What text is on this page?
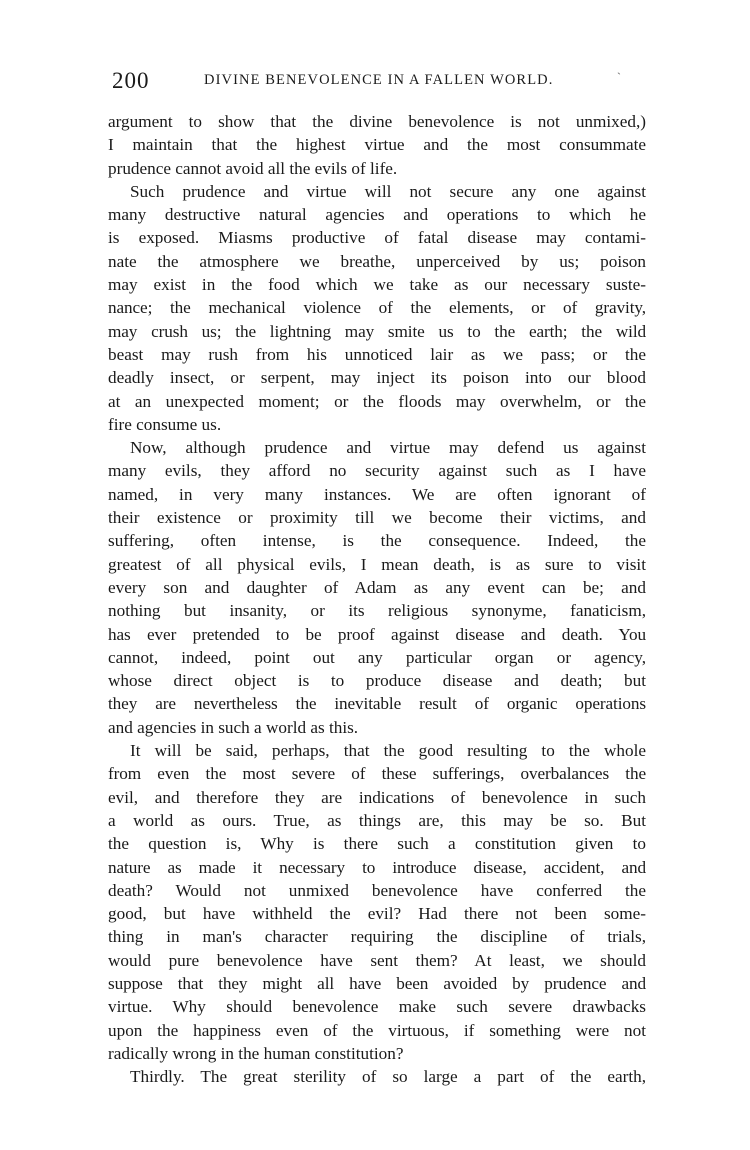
200	DIVINE BENEVOLENCE IN A FALLEN WORLD.	`
argument to show that the divine benevolence is not unmixed,)
I maintain that the highest virtue and the most consummate
prudence cannot avoid all the evils of life.
Such prudence and virtue will not secure any one against
many destructive natural agencies and operations to which he
is exposed. Miasms productive of fatal disease may contami-
nate the atmosphere we breathe, unperceived by us; poison
may exist in the food which we take as our necessary suste-
nance; the mechanical violence of the elements, or of gravity,
may crush us; the lightning may smite us to the earth; the wild
beast may rush from his unnoticed lair as we pass; or the
deadly insect, or serpent, may inject its poison into our blood
at an unexpected moment; or the floods may overwhelm, or the
fire consume us.
Now, although prudence and virtue may defend us against
many evils, they afford no security against such as I have
named, in very many instances. We are often ignorant of
their existence or proximity till we become their victims, and
suffering, often intense, is the consequence. Indeed, the
greatest of all physical evils, I mean death, is as sure to visit
every son and daughter of Adam as any event can be; and
nothing but insanity, or its religious synonyme, fanaticism,
has ever pretended to be proof against disease and death. You
cannot, indeed, point out any particular organ or agency,
whose direct object is to produce disease and death; but
they are nevertheless the inevitable result of organic operations
and agencies in such a world as this.
It will be said, perhaps, that the good resulting to the whole
from even the most severe of these sufferings, overbalances the
evil, and therefore they are indications of benevolence in such
a world as ours. True, as things are, this may be so. But
the question is, Why is there such a constitution given to
nature as made it necessary to introduce disease, accident, and
death? Would not unmixed benevolence have conferred the
good, but have withheld the evil? Had there not been some-
thing in man's character requiring the discipline of trials,
would pure benevolence have sent them? At least, we should
suppose that they might all have been avoided by prudence and
virtue. Why should benevolence make such severe drawbacks
upon the happiness even of the virtuous, if something were not
radically wrong in the human constitution?
Thirdly. The great sterility of so large a part of the earth,
